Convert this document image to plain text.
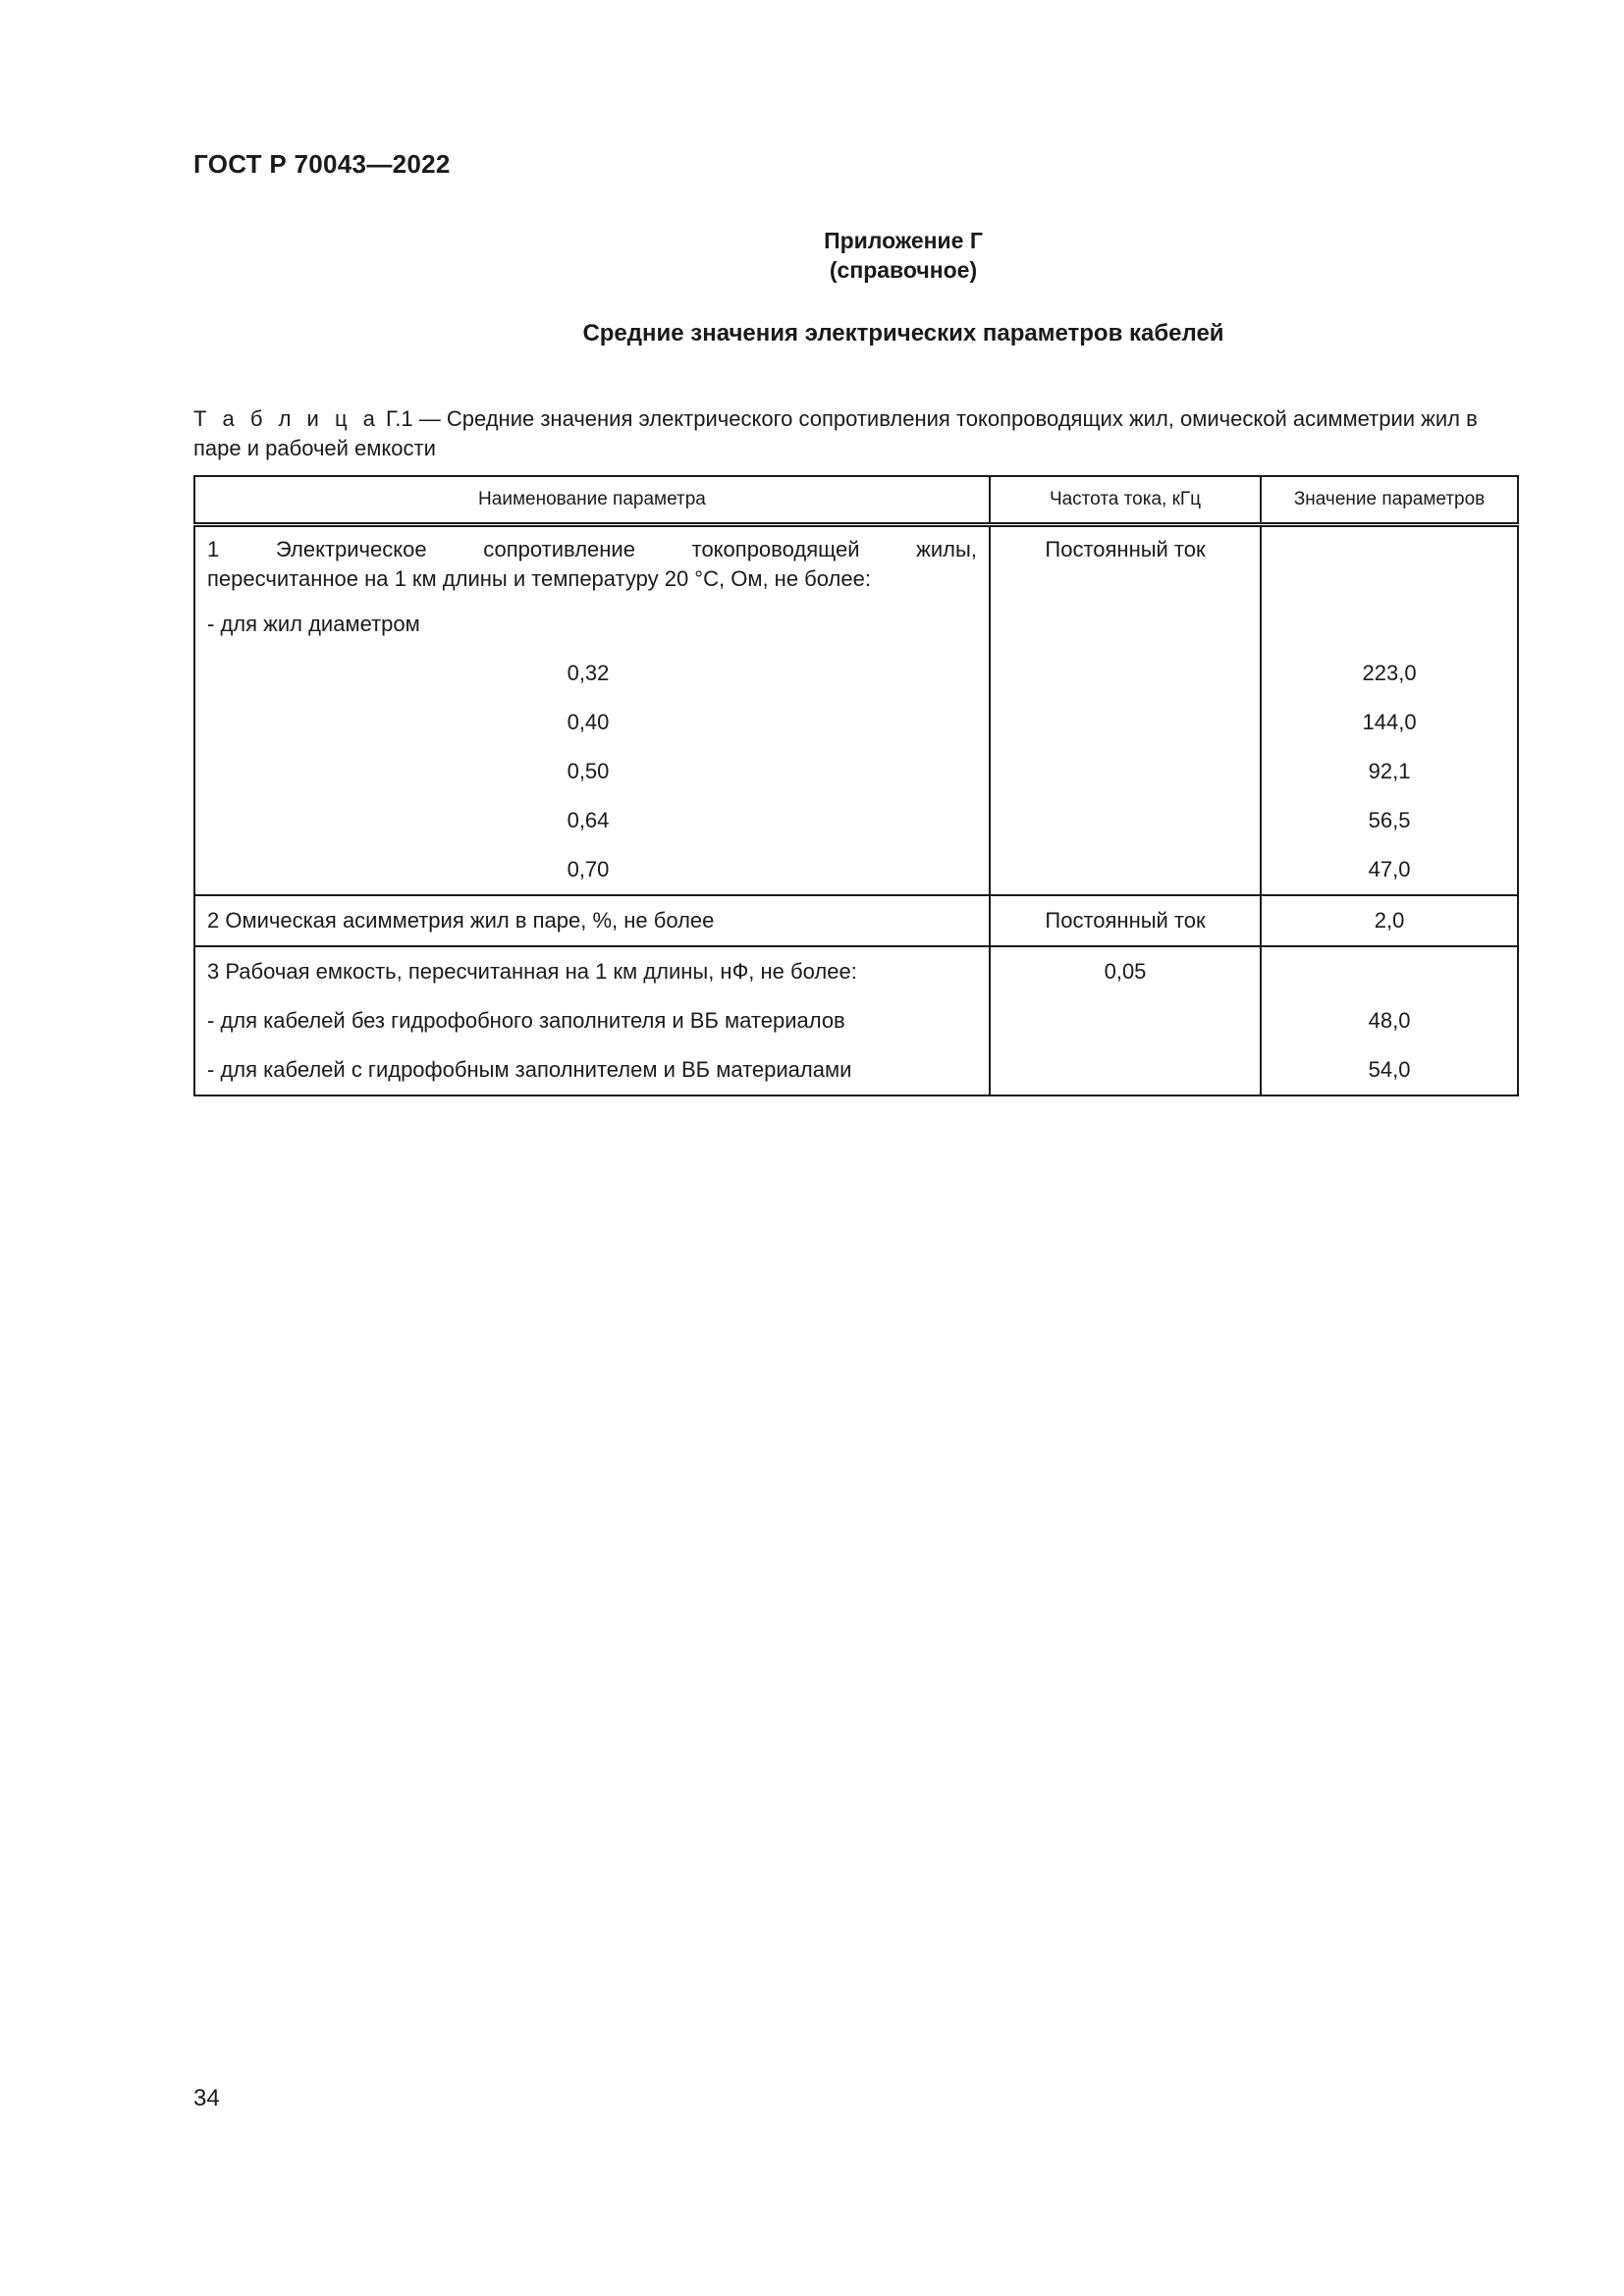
ГОСТ Р 70043—2022
Приложение Г
(справочное)
Средние значения электрических параметров кабелей
Т а б л и ц а Г.1 — Средние значения электрического сопротивления токопроводящих жил, омической асимметрии жил в паре и рабочей емкости
Наименование параметра	Частота тока, кГц	Значение параметров

1 Электрическое сопротивление токопроводящей жилы,
пересчитанное на 1 км длины и температуру 20 °С, Ом, не более:	Постоянный ток	

- для жил диаметром		

0,32		223,0

0,40		144,0

0,50		92,1

0,64		56,5

0,70		47,0

2 Омическая асимметрия жил в паре, %, не более	Постоянный ток	2,0

3 Рабочая емкость, пересчитанная на 1 км длины, нФ, не более:	0,05	

- для кабелей без гидрофобного заполнителя и ВБ материалов		48,0

- для кабелей с гидрофобным заполнителем и ВБ материалами		54,0
34
